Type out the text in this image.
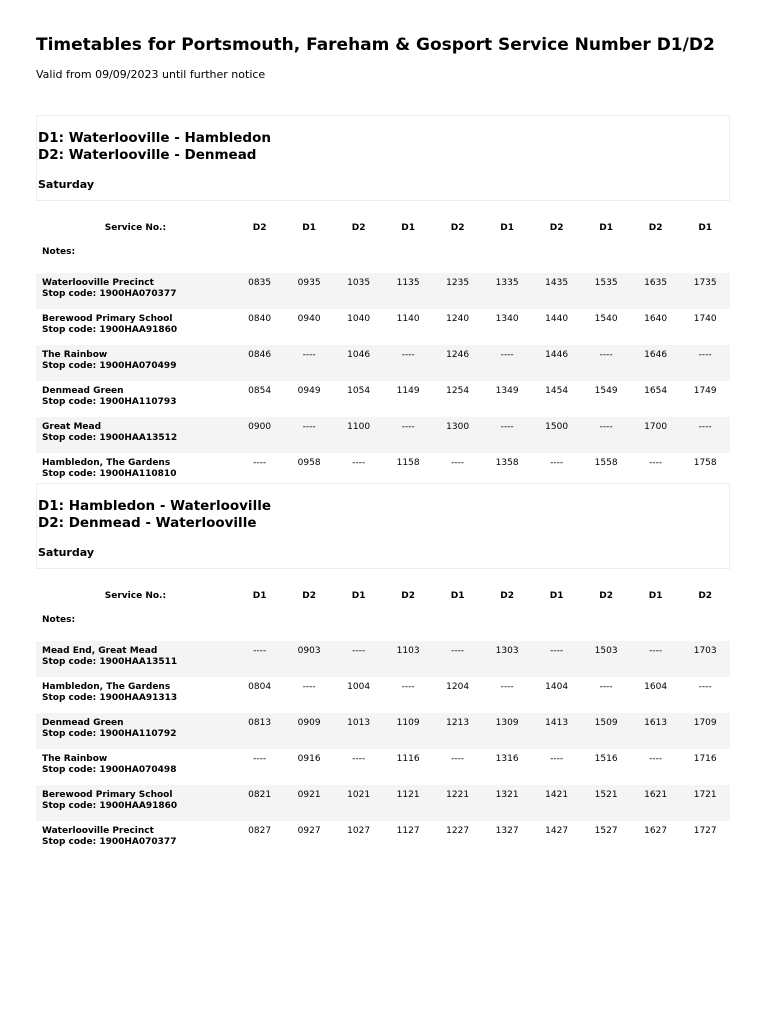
Timetables for Portsmouth, Fareham & Gosport Service Number D1/D2

Valid from 09/09/2023 until further notice

D1: Waterlooville - Hambledon

D2: Waterlooville - Denmead

Saturday

Service No.:	D2	D1	D2	D1	D2	D1	D2	D1	D2	D1
Notes:										

Waterlooville Precinct
Stop code: 1900HA070377	0835	0935	1035	1135	1235	1335	1435	1535	1635	1735

Berewood Primary School
Stop code: 1900HAA91860	0840	0940	1040	1140	1240	1340	1440	1540	1640	1740

The Rainbow
Stop code: 1900HA070499	0846	----	1046	----	1246	----	1446	----	1646	----

Denmead Green
Stop code: 1900HA110793	0854	0949	1054	1149	1254	1349	1454	1549	1654	1749

Great Mead
Stop code: 1900HAA13512	0900	----	1100	----	1300	----	1500	----	1700	----

Hambledon, The Gardens
Stop code: 1900HA110810	----	0958	----	1158	----	1358	----	1558	----	1758

D1: Hambledon - Waterlooville

D2: Denmead - Waterlooville

Saturday

Service No.:	D1	D2	D1	D2	D1	D2	D1	D2	D1	D2
Notes:										

Mead End, Great Mead
Stop code: 1900HAA13511	----	0903	----	1103	----	1303	----	1503	----	1703

Hambledon, The Gardens
Stop code: 1900HAA91313	0804	----	1004	----	1204	----	1404	----	1604	----

Denmead Green
Stop code: 1900HA110792	0813	0909	1013	1109	1213	1309	1413	1509	1613	1709

The Rainbow
Stop code: 1900HA070498	----	0916	----	1116	----	1316	----	1516	----	1716

Berewood Primary School
Stop code: 1900HAA91860	0821	0921	1021	1121	1221	1321	1421	1521	1621	1721

Waterlooville Precinct
Stop code: 1900HA070377	0827	0927	1027	1127	1227	1327	1427	1527	1627	1727
